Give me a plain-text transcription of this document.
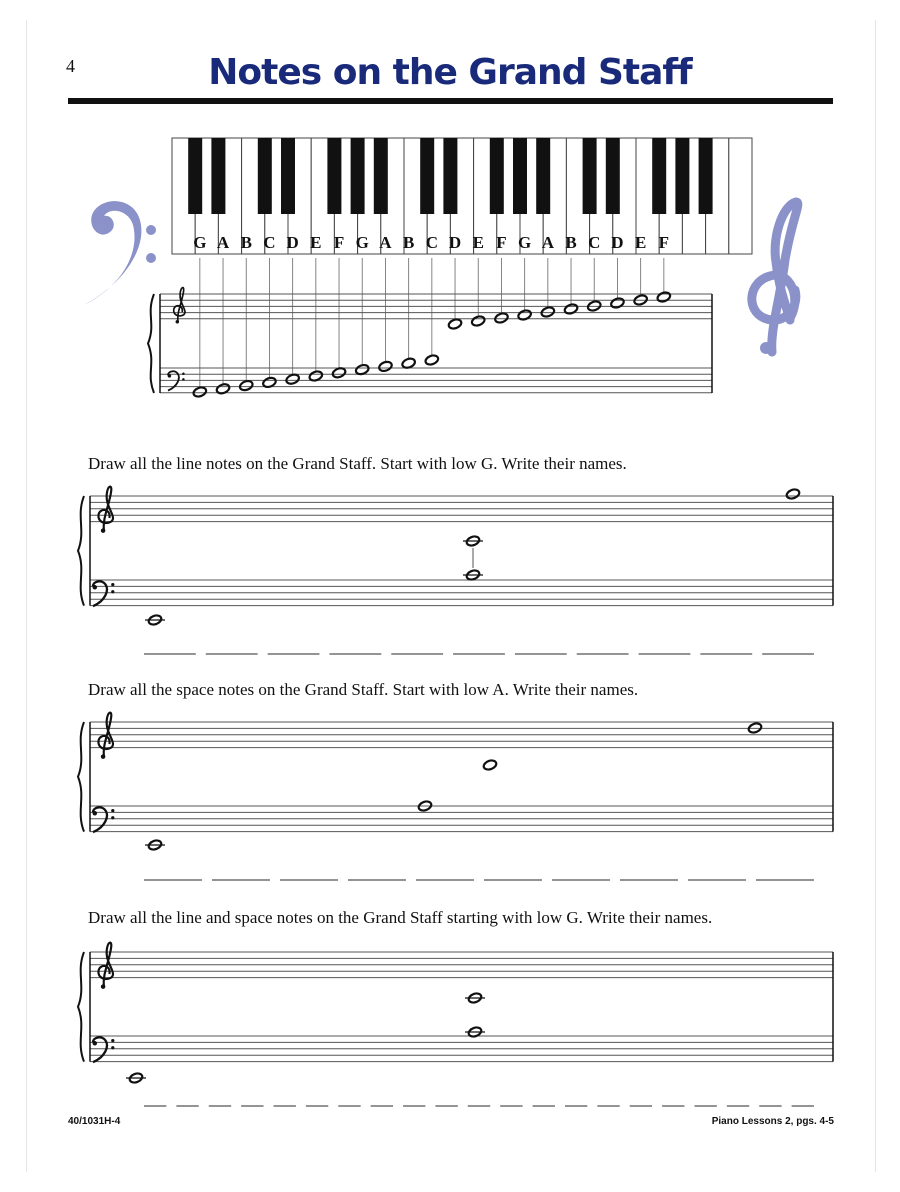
4	Notes on the Grand Staff
G A B C D E F G A B C D E F G A B C D E F
Draw all the line notes on the Grand Staff. Start with low G. Write their names.
Draw all the space notes on the Grand Staff. Start with low A. Write their names.
Draw all the line and space notes on the Grand Staff starting with low G. Write their names.
40/1031H-4	Piano Lessons 2, pgs. 4-5
